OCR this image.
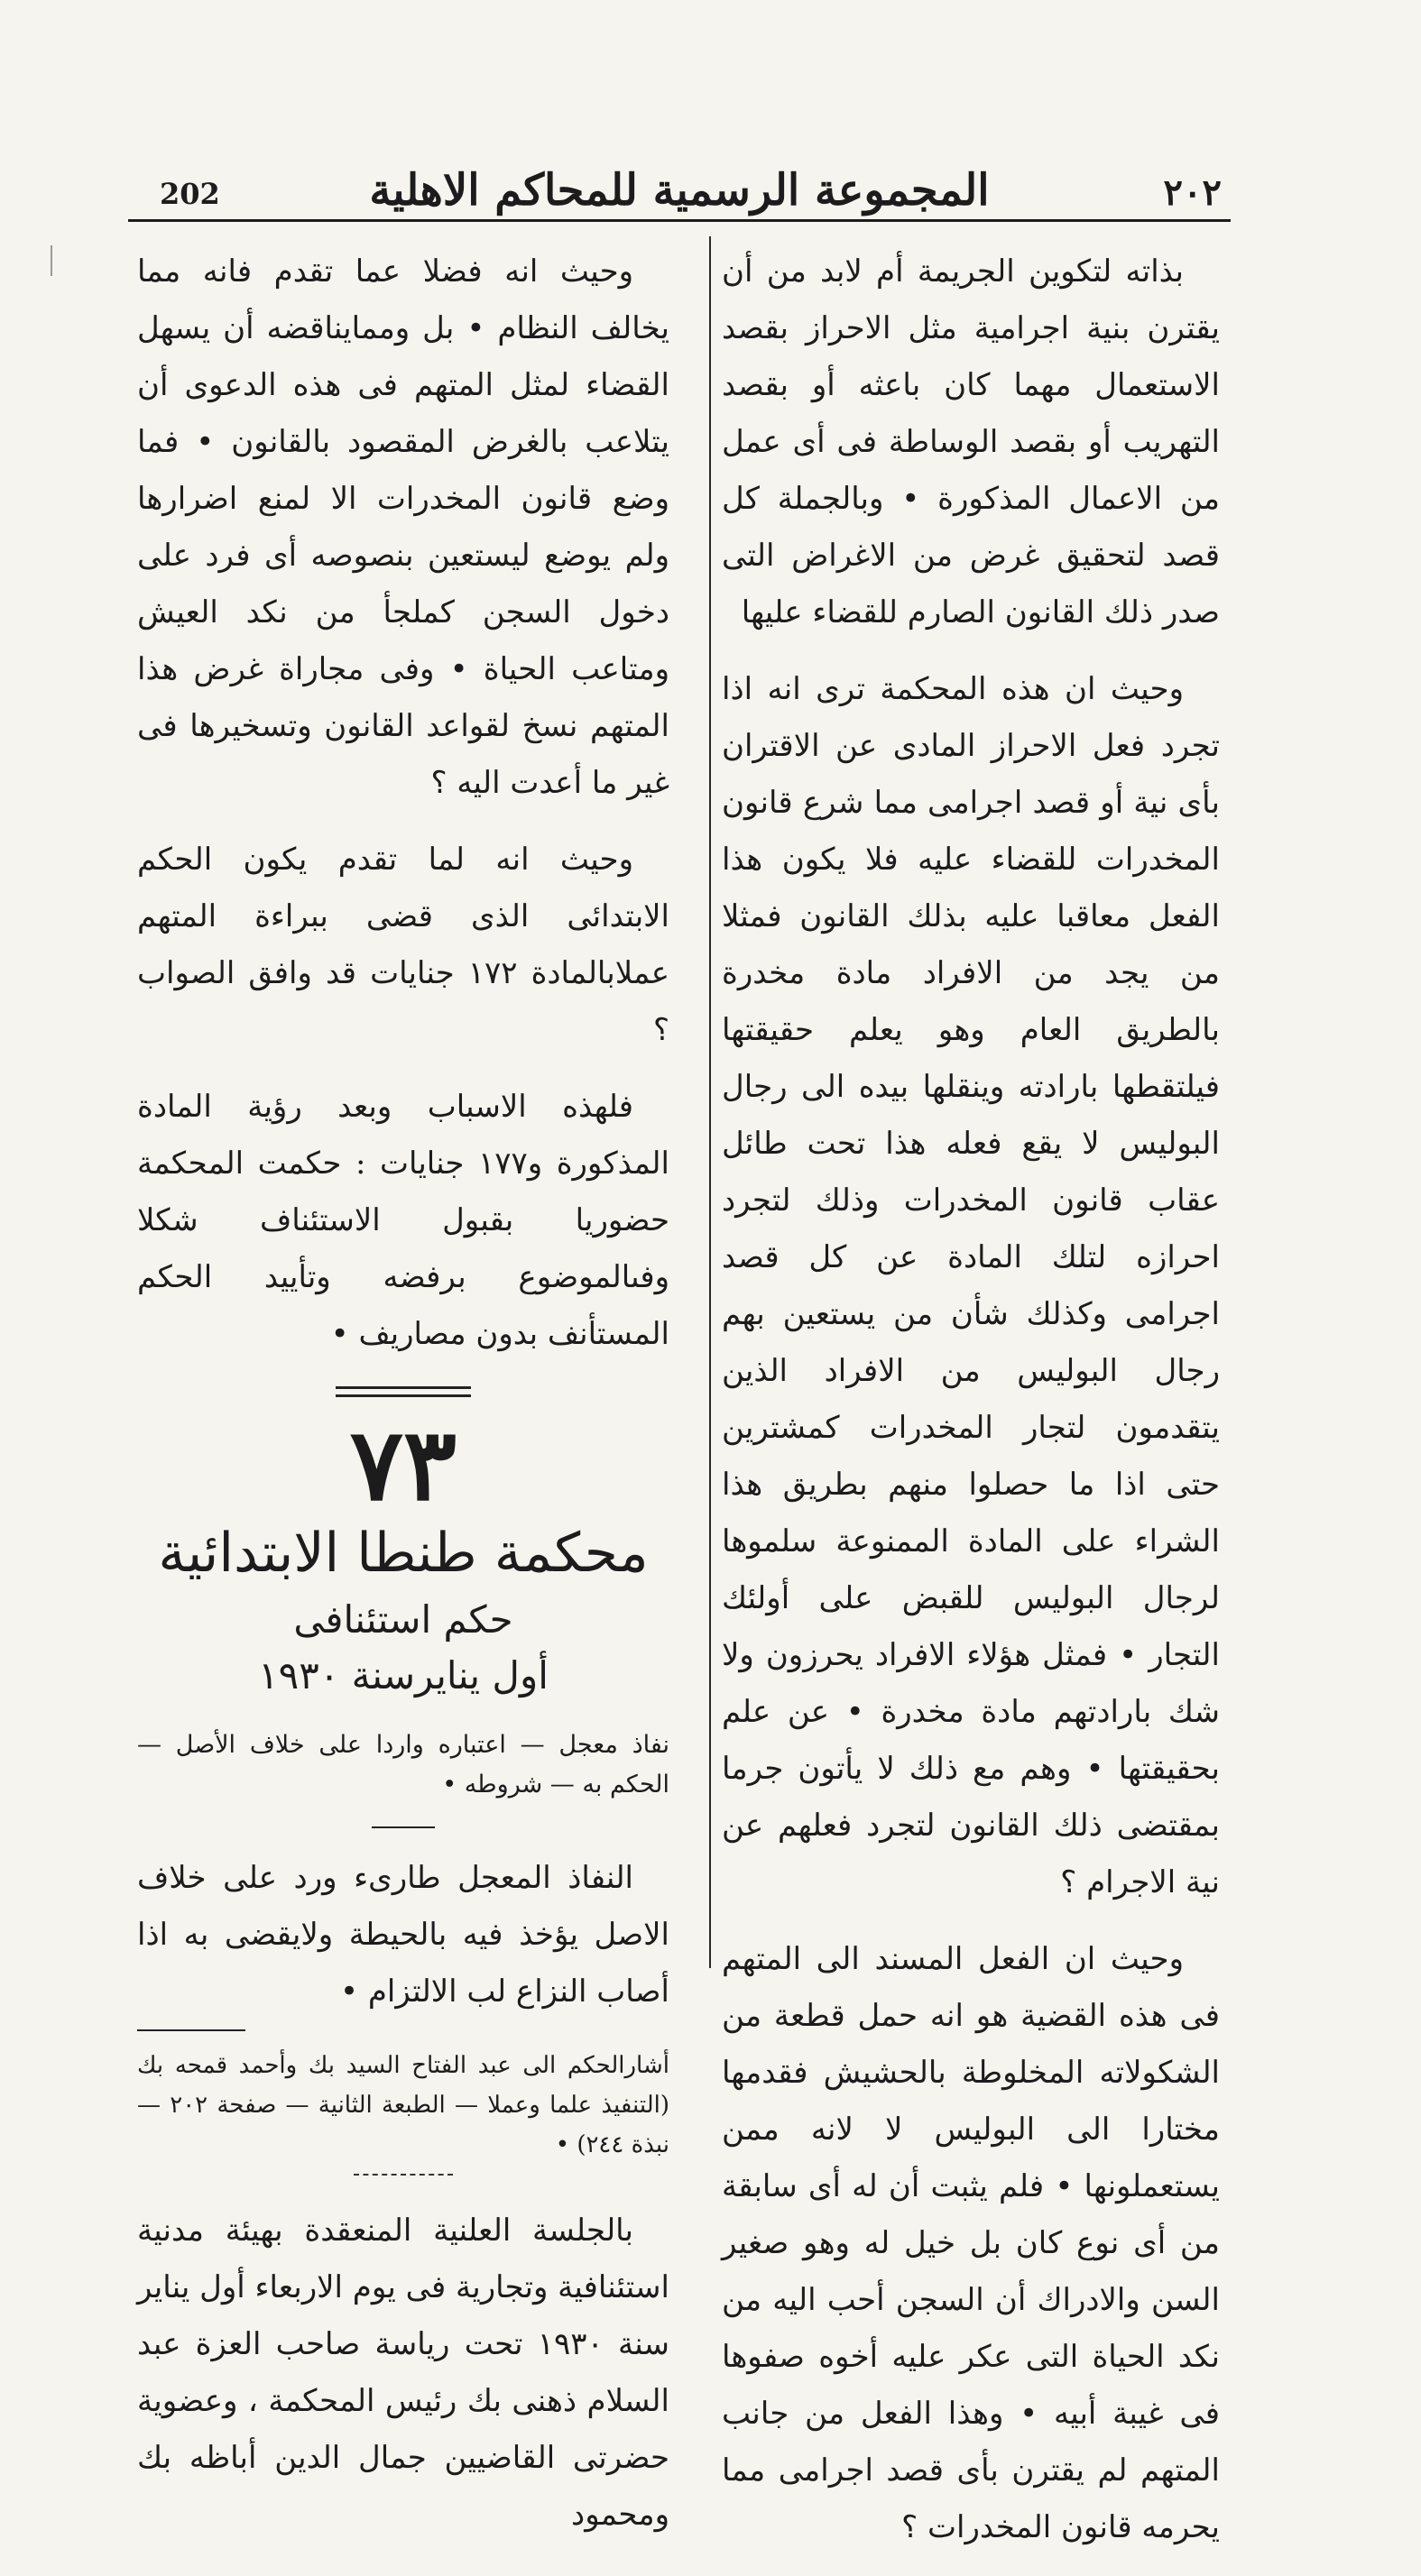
202	المجموعة الرسمية للمحاكم الاهلية	٢٠٢

بذاته لتكوين الجريمة أم لابد من أن يقترن بنية اجرامية مثل الاحراز بقصد الاستعمال مهما كان باعثه أو بقصد التهريب أو بقصد الوساطة فى أى عمل من الاعمال المذكورة • وبالجملة كل قصد لتحقيق غرض من الاغراض التى صدر ذلك القانون الصارم للقضاء عليها

وحيث ان هذه المحكمة ترى انه اذا تجرد فعل الاحراز المادى عن الاقتران بأى نية أو قصد اجرامى مما شرع قانون المخدرات للقضاء عليه فلا يكون هذا الفعل معاقبا عليه بذلك القانون فمثلا من يجد من الافراد مادة مخدرة بالطريق العام وهو يعلم حقيقتها فيلتقطها بارادته وينقلها بيده الى رجال البوليس لا يقع فعله هذا تحت طائل عقاب قانون المخدرات وذلك لتجرد احرازه لتلك المادة عن كل قصد اجرامى وكذلك شأن من يستعين بهم رجال البوليس من الافراد الذين يتقدمون لتجار المخدرات كمشترين حتى اذا ما حصلوا منهم بطريق هذا الشراء على المادة الممنوعة سلموها لرجال البوليس للقبض على أولئك التجار • فمثل هؤلاء الافراد يحرزون ولا شك بارادتهم مادة مخدرة • عن علم بحقيقتها • وهم مع ذلك لا يأتون جرما بمقتضى ذلك القانون لتجرد فعلهم عن نية الاجرام ؟

وحيث ان الفعل المسند الى المتهم فى هذه القضية هو انه حمل قطعة من الشكولاته المخلوطة بالحشيش فقدمها مختارا الى البوليس لا لانه ممن يستعملونها • فلم يثبت أن له أى سابقة من أى نوع كان بل خيل له وهو صغير السن والادراك أن السجن أحب اليه من نكد الحياة التى عكر عليه أخوه صفوها فى غيبة أبيه • وهذا الفعل من جانب المتهم لم يقترن بأى قصد اجرامى مما يحرمه قانون المخدرات ؟

وحيث انه فضلا عما تقدم فانه مما يخالف النظام • بل وممايناقضه أن يسهل القضاء لمثل المتهم فى هذه الدعوى أن يتلاعب بالغرض المقصود بالقانون • فما وضع قانون المخدرات الا لمنع اضرارها ولم يوضع ليستعين بنصوصه أى فرد على دخول السجن كملجأ من نكد العيش ومتاعب الحياة • وفى مجاراة غرض هذا المتهم نسخ لقواعد القانون وتسخيرها فى غير ما أعدت اليه ؟

وحيث انه لما تقدم يكون الحكم الابتدائى الذى قضى ببراءة المتهم عملابالمادة ١٧٢ جنايات قد وافق الصواب ؟

فلهذه الاسباب وبعد رؤية المادة المذكورة و١٧٧ جنايات : حكمت المحكمة حضوريا بقبول الاستئناف شكلا وفىالموضوع برفضه وتأييد الحكم المستأنف بدون مصاريف •

٧٣

محكمة طنطا الابتدائية

حكم استئنافى

أول ينايرسنة ١٩٣٠

نفاذ معجل — اعتباره واردا على خلاف الأصل — الحكم به — شروطه •

النفاذ المعجل طارىء ورد على خلاف الاصل يؤخذ فيه بالحيطة ولايقضى به اذا أصاب النزاع لب الالتزام •

أشارالحكم الى عبد الفتاح السيد بك وأحمد قمحه بك (التنفيذ علما وعملا — الطبعة الثانية — صفحة ٢٠٢ — نبذة ٢٤٤) •

بالجلسة العلنية المنعقدة بهيئة مدنية استئنافية وتجارية فى يوم الاربعاء أول يناير سنة ١٩٣٠ تحت رياسة صاحب العزة عبد السلام ذهنى بك رئيس المحكمة ، وعضوية حضرتى القاضيين جمال الدين أباظه بك ومحمود
